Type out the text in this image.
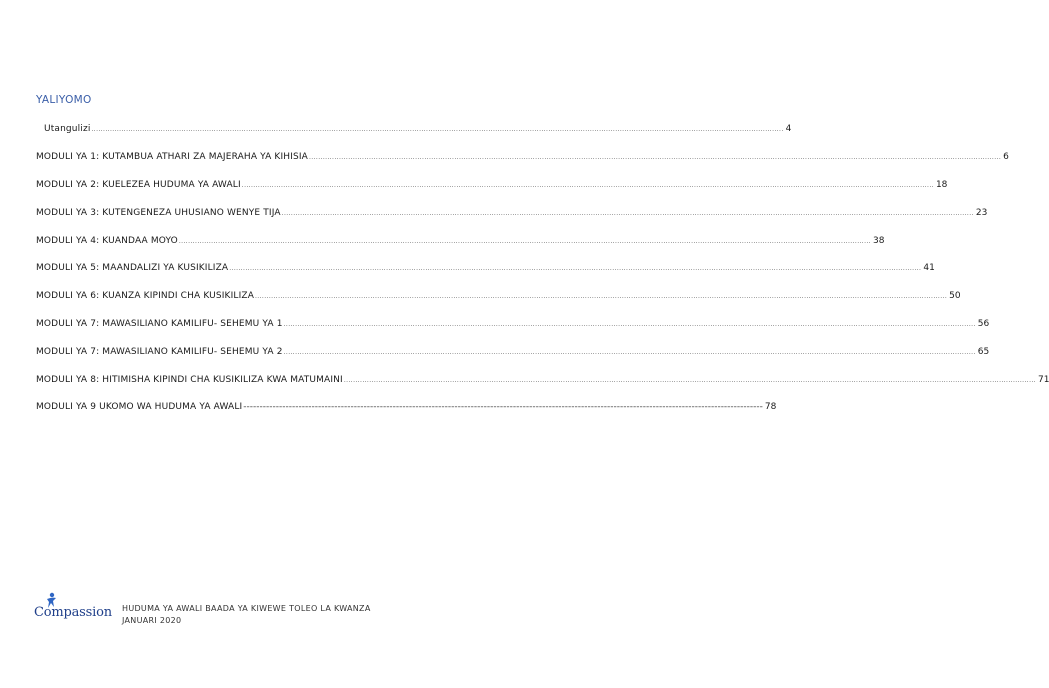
YALIYOMO
Utangulizi ............................................................................................................................................................................................................................................................................................................ 4
MODULI YA 1: KUTAMBUA ATHARI ZA MAJERAHA YA KIHISIA ............................................................................................................................................................................................................................................................................................................ 6
MODULI YA 2: KUELEZEA HUDUMA YA AWALI ............................................................................................................................................................................................................................................................................................................ 18
MODULI YA 3: KUTENGENEZA UHUSIANO WENYE TIJA ............................................................................................................................................................................................................................................................................................................ 23
MODULI YA 4: KUANDAA MOYO ............................................................................................................................................................................................................................................................................................................ 38
MODULI YA 5: MAANDALIZI YA KUSIKILIZA ............................................................................................................................................................................................................................................................................................................ 41
MODULI YA 6: KUANZA KIPINDI CHA KUSIKILIZA ............................................................................................................................................................................................................................................................................................................ 50
MODULI YA 7: MAWASILIANO KAMILIFU- SEHEMU YA 1 ............................................................................................................................................................................................................................................................................................................ 56
MODULI YA 7: MAWASILIANO KAMILIFU- SEHEMU YA 2 ............................................................................................................................................................................................................................................................................................................ 65
MODULI YA 8: HITIMISHA KIPINDI CHA KUSIKILIZA KWA MATUMAINI ............................................................................................................................................................................................................................................................................................................ 71
MODULI YA 9 UKOMO WA HUDUMA YA AWALI ---------------------------------------------------------------------------------------------------------------------------------------------------------------- 78
Compassion HUDUMA YA AWALI BAADA YA KIWEWE TOLEO LA KWANZA
JANUARI 2020
